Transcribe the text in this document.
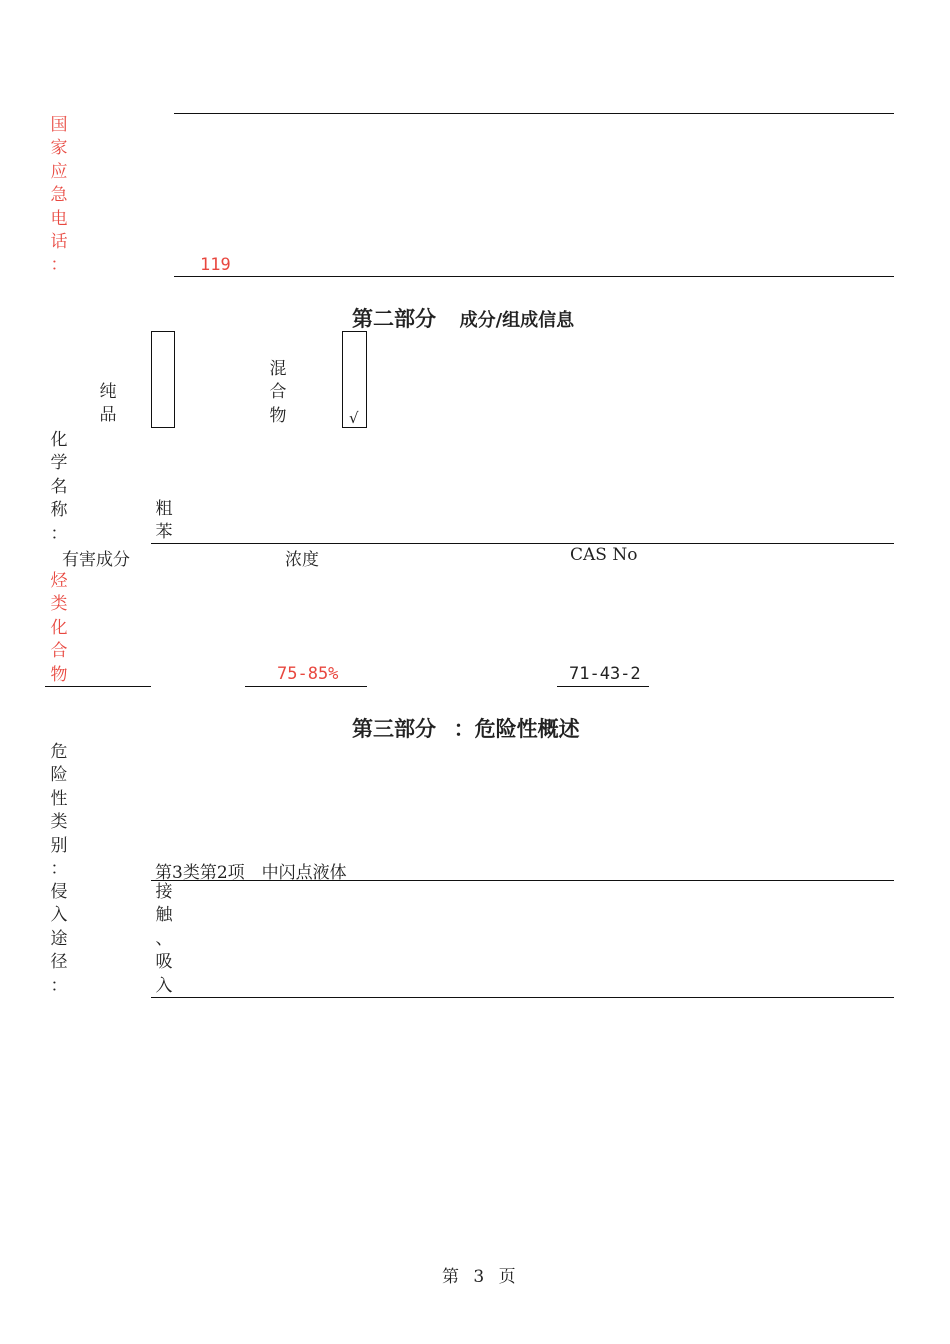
国
家
应
急
电
话
：	119
第二部分 成分/组成信息
纯
品
混
合
物	√
化
学
名
称
：
粗
苯
有害成分	浓度	CAS No
烃
类
化
合
物	75-85%	71-43-2
第三部分 ：危险性概述
危
险
性
类
别
：	第3类第2项　中闪点液体
侵
入
途
径
：
接
触
、
吸
入
第 3 页
